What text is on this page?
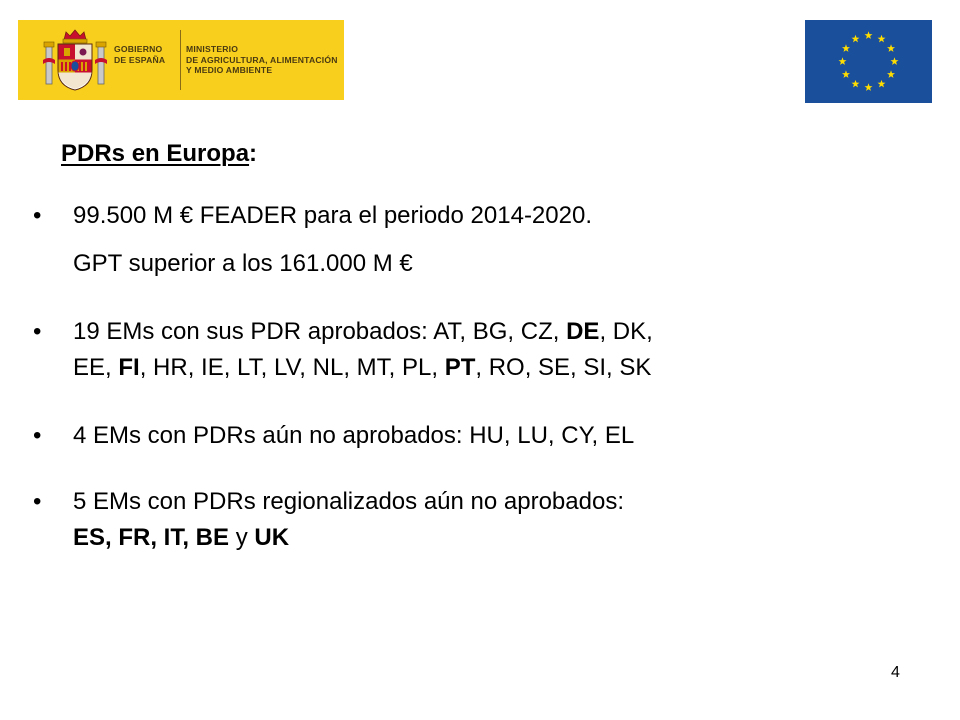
GOBIERNO
DE ESPAÑA
MINISTERIO
DE AGRICULTURA, ALIMENTACIÓN
Y MEDIO AMBIENTE
PDRs en Europa:
• 99.500 M € FEADER para el periodo 2014-2020.
GPT superior a los 161.000 M €
• 19 EMs con sus PDR aprobados: AT, BG, CZ, DE, DK,
EE, FI, HR, IE, LT, LV, NL, MT, PL, PT, RO, SE, SI, SK
• 4 EMs con PDRs aún no aprobados: HU, LU, CY, EL
• 5 EMs con PDRs regionalizados aún no aprobados:
ES, FR, IT, BE y UK
4
